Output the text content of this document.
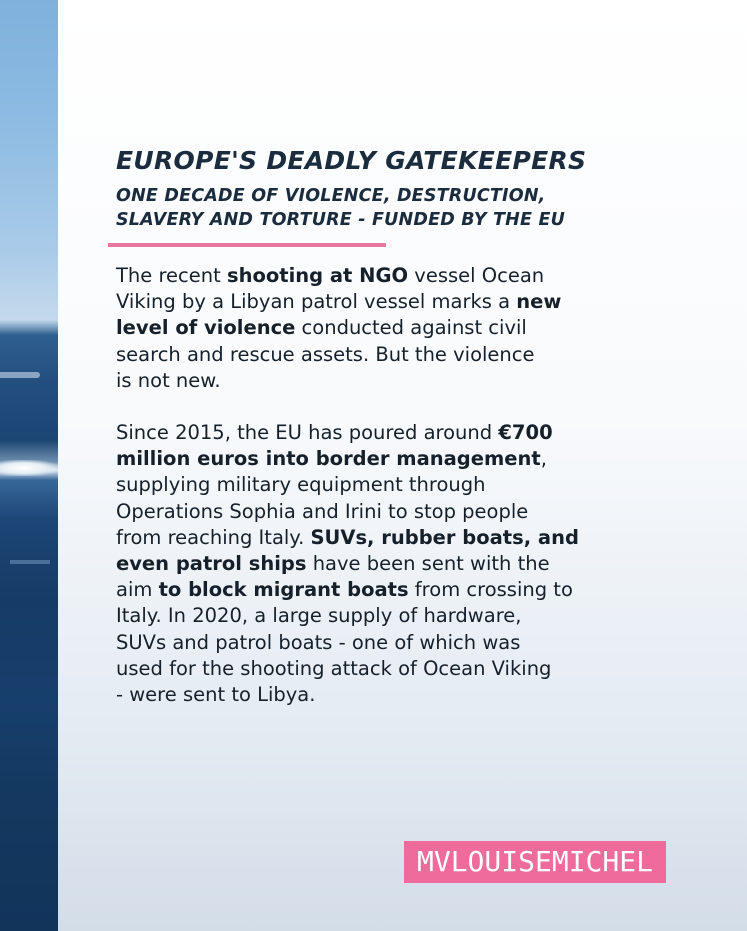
EUROPE'S DEADLY GATEKEEPERS
ONE DECADE OF VIOLENCE, DESTRUCTION,
SLAVERY AND TORTURE - FUNDED BY THE EU

The recent shooting at NGO vessel Ocean
Viking by a Libyan patrol vessel marks a new
level of violence conducted against civil
search and rescue assets. But the violence
is not new.

Since 2015, the EU has poured around €700
million euros into border management,
supplying military equipment through
Operations Sophia and Irini to stop people
from reaching Italy. SUVs, rubber boats, and
even patrol ships have been sent with the
aim to block migrant boats from crossing to
Italy. In 2020, a large supply of hardware,
SUVs and patrol boats - one of which was
used for the shooting attack of Ocean Viking
- were sent to Libya.

MVLOUISEMICHEL
